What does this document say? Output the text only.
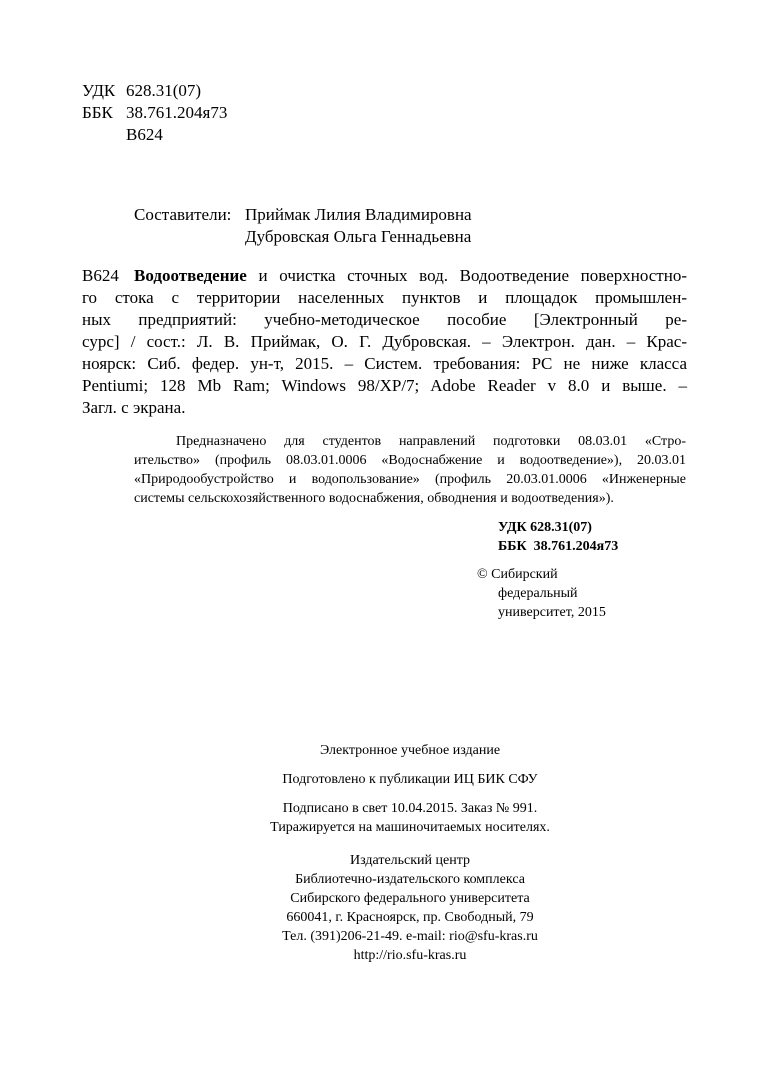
УДК 628.31(07)
ББК 38.761.204я73
В624
Составители: Приймак Лилия Владимировна
Дубровская Ольга Геннадьевна
В624 Водоотведение и очистка сточных вод. Водоотведение поверхностно-
го стока с территории населенных пунктов и площадок промышлен-
ных предприятий: учебно-методическое пособие [Электронный ре-
сурс] / сост.: Л. В. Приймак, О. Г. Дубровская. – Электрон. дан. – Крас-
ноярск: Сиб. федер. ун-т, 2015. – Систем. требования: PC не ниже класса
Pentiumi; 128 Mb Ram; Windows 98/XP/7; Adobe Reader v 8.0 и выше. –
Загл. с экрана.
Предназначено для студентов направлений подготовки 08.03.01 «Стро-
ительство» (профиль 08.03.01.0006 «Водоснабжение и водоотведение»), 20.03.01
«Природообустройство и водопользование» (профиль 20.03.01.0006 «Инженерные
системы сельскохозяйственного водоснабжения, обводнения и водоотведения»).
УДК 628.31(07)
ББК  38.761.204я73
© Сибирский
федеральный
университет, 2015
Электронное учебное издание
Подготовлено к публикации ИЦ БИК СФУ
Подписано в свет 10.04.2015. Заказ № 991.
Тиражируется на машиночитаемых носителях.
Издательский центр
Библиотечно-издательского комплекса
Сибирского федерального университета
660041, г. Красноярск, пр. Свободный, 79
Тел. (391)206-21-49. e-mail: rio@sfu-kras.ru
http://rio.sfu-kras.ru
